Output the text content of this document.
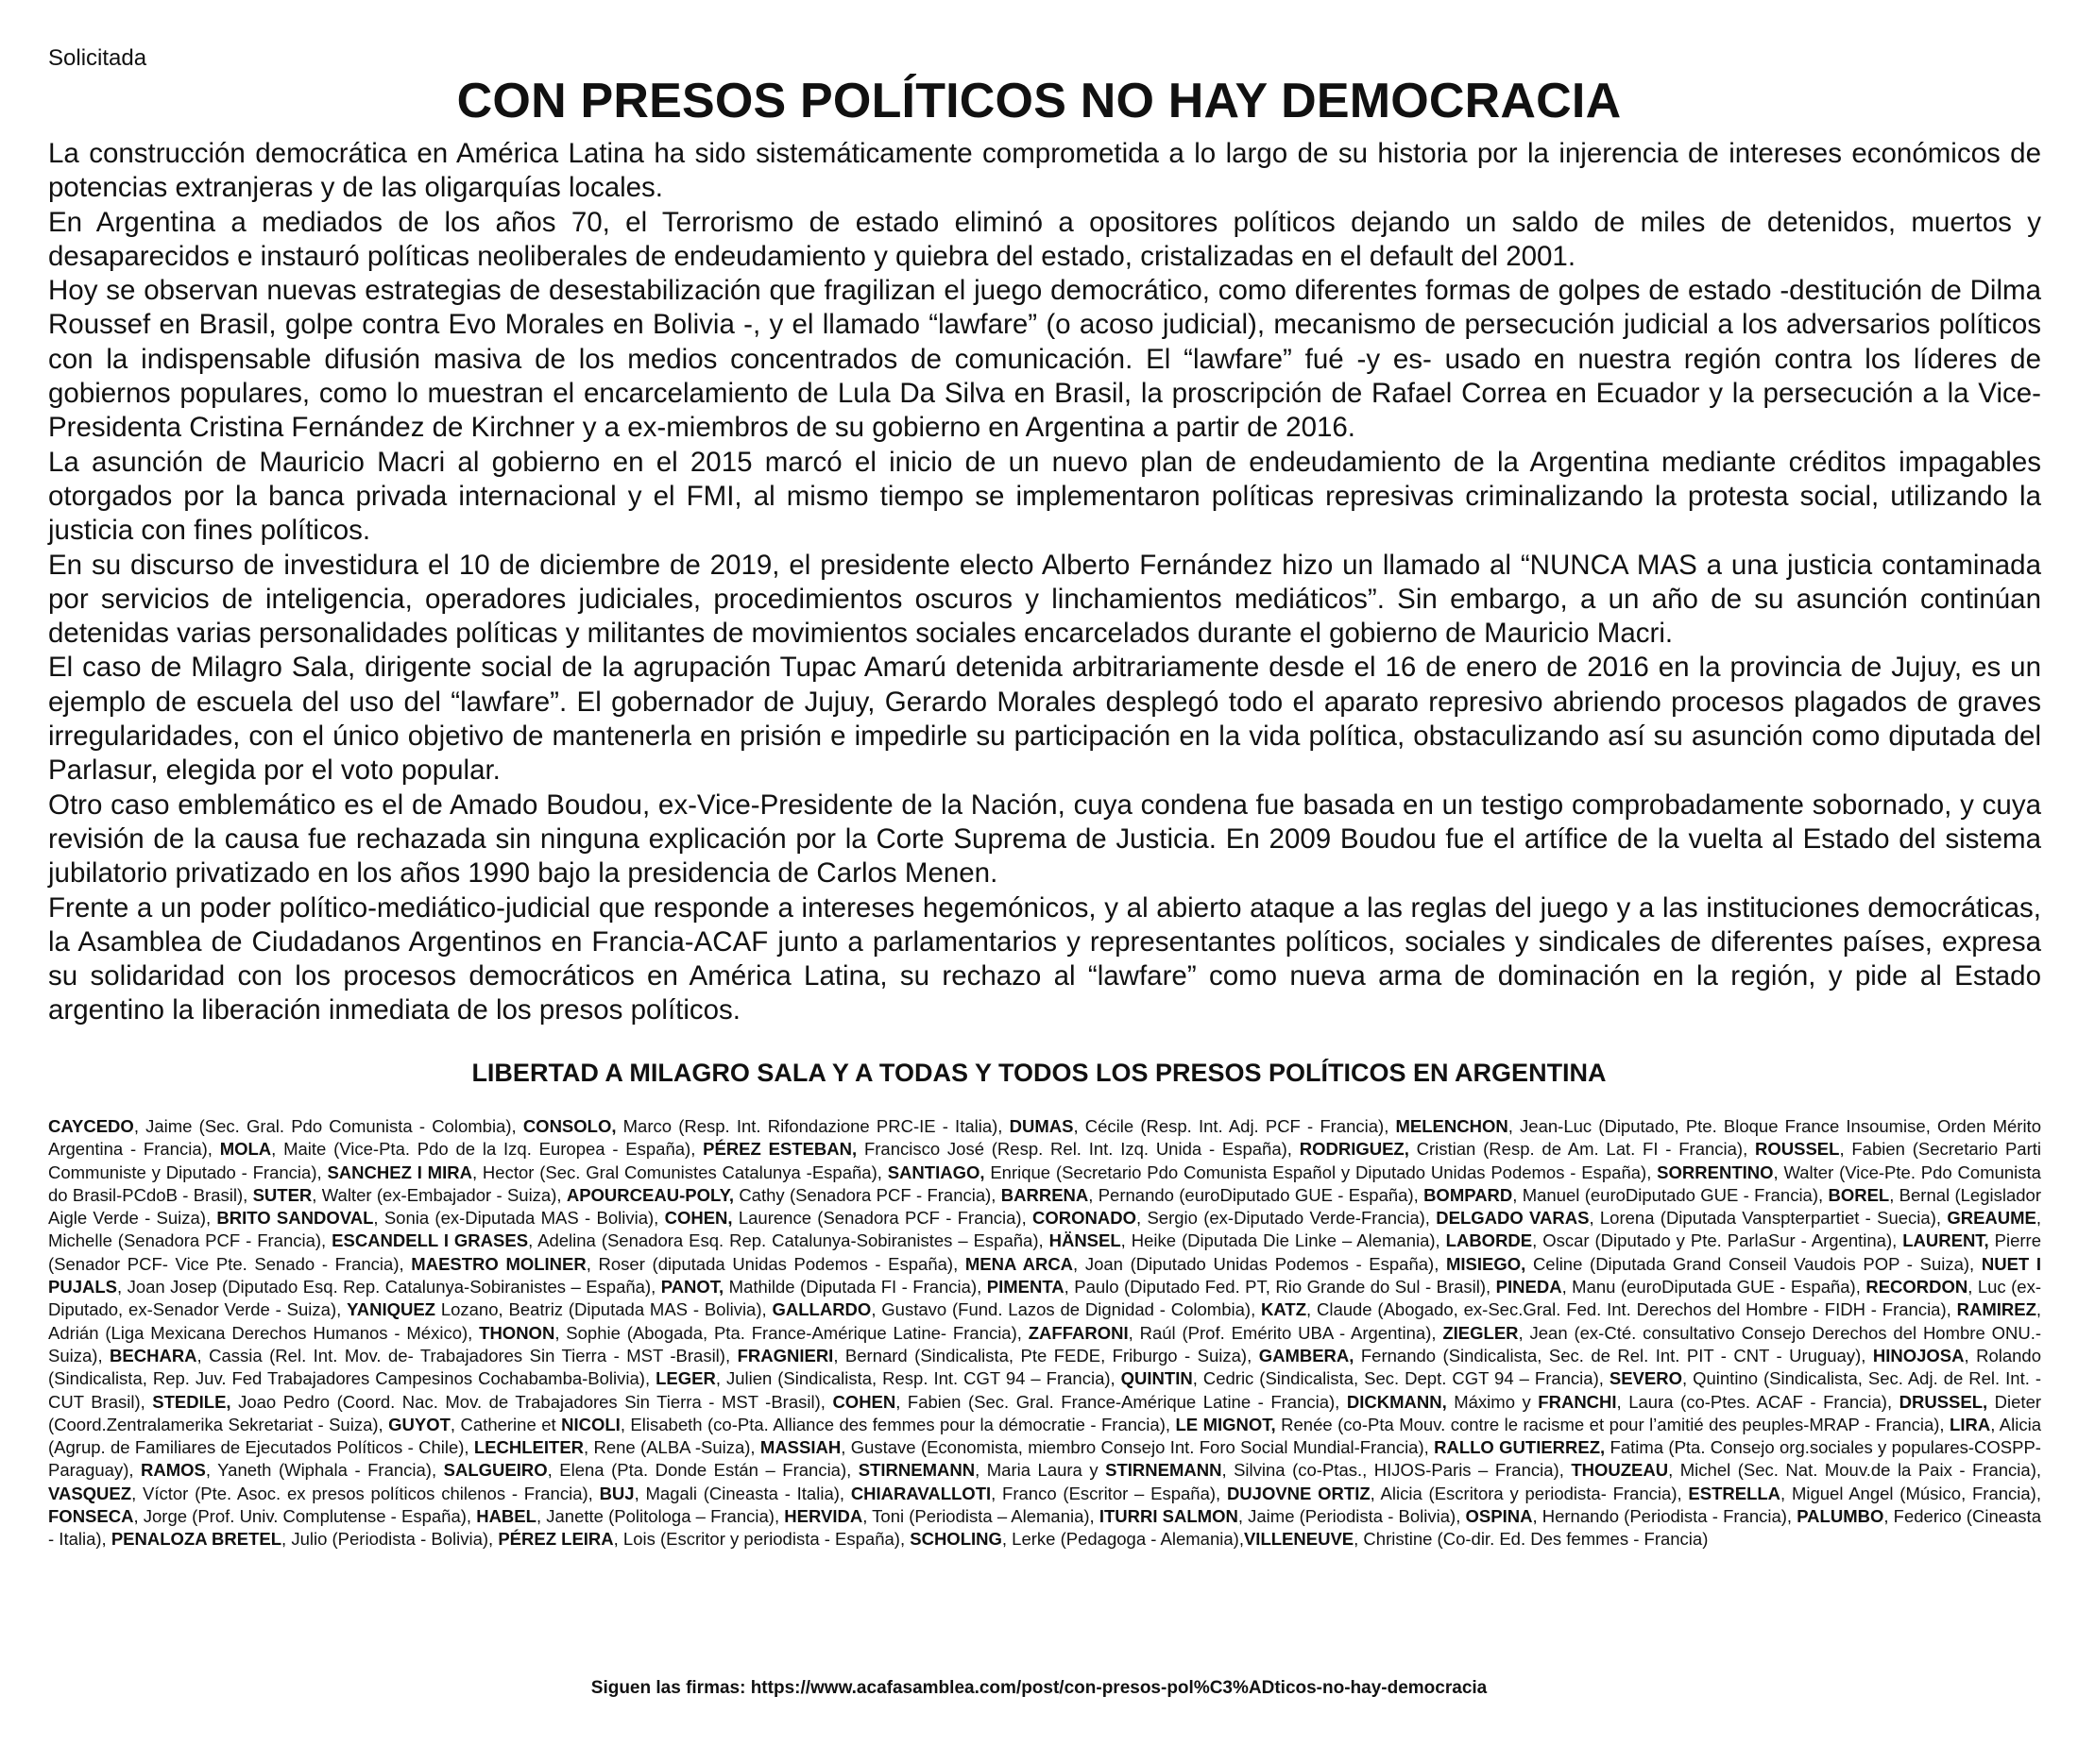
Solicitada
CON PRESOS POLÍTICOS NO HAY DEMOCRACIA

La construcción democrática en América Latina ha sido sistemáticamente comprometida a lo largo de su historia por la injerencia de intereses económicos de potencias extranjeras y de las oligarquías locales.

En Argentina a mediados de los años 70, el Terrorismo de estado eliminó a opositores políticos dejando un saldo de miles de detenidos, muertos y desaparecidos e instauró políticas neoliberales de endeudamiento y quiebra del estado, cristalizadas en el default del 2001.

Hoy se observan nuevas estrategias de desestabilización que fragilizan el juego democrático, como diferentes formas de golpes de estado -destitución de Dilma Roussef en Brasil, golpe contra Evo Morales en Bolivia -, y el llamado “lawfare” (o acoso judicial), mecanismo de persecución judicial a los adversarios políticos con la indispensable difusión masiva de los medios concentrados de comunicación. El “lawfare” fué -y es- usado en nuestra región contra los líderes de gobiernos populares, como lo muestran el encarcelamiento de Lula Da Silva en Brasil, la proscripción de Rafael Correa en Ecuador y la persecución a la Vice-Presidenta Cristina Fernández de Kirchner y a ex-miembros de su gobierno en Argentina a partir de 2016.

La asunción de Mauricio Macri al gobierno en el 2015 marcó el inicio de un nuevo plan de endeudamiento de la Argentina mediante créditos impagables otorgados por la banca privada internacional y el FMI, al mismo tiempo se implementaron políticas represivas criminalizando la protesta social, utilizando la justicia con fines políticos.

En su discurso de investidura el 10 de diciembre de 2019, el presidente electo Alberto Fernández hizo un llamado al “NUNCA MAS a una justicia contaminada por servicios de inteligencia, operadores judiciales, procedimientos oscuros y linchamientos mediáticos”. Sin embargo, a un año de su asunción continúan detenidas varias personalidades políticas y militantes de movimientos sociales encarcelados durante el gobierno de Mauricio Macri.

El caso de Milagro Sala, dirigente social de la agrupación Tupac Amarú detenida arbitrariamente desde el 16 de enero de 2016 en la provincia de Jujuy, es un ejemplo de escuela del uso del “lawfare”. El gobernador de Jujuy, Gerardo Morales desplegó todo el aparato represivo abriendo procesos plagados de graves irregularidades, con el único objetivo de mantenerla en prisión e impedirle su participación en la vida política, obstaculizando así su asunción como diputada del Parlasur, elegida por el voto popular.

Otro caso emblemático es el de Amado Boudou, ex-Vice-Presidente de la Nación, cuya condena fue basada en un testigo comprobadamente sobornado, y cuya revisión de la causa fue rechazada sin ninguna explicación por la Corte Suprema de Justicia. En 2009 Boudou fue el artífice de la vuelta al Estado del sistema jubilatorio privatizado en los años 1990 bajo la presidencia de Carlos Menen.

Frente a un poder político-mediático-judicial que responde a intereses hegemónicos, y al abierto ataque a las reglas del juego y a las instituciones democráticas, la Asamblea de Ciudadanos Argentinos en Francia-ACAF junto a parlamentarios y representantes políticos, sociales y sindicales de diferentes países, expresa su solidaridad con los procesos democráticos en América Latina, su rechazo al “lawfare” como nueva arma de dominación en la región, y pide al Estado argentino la liberación inmediata de los presos políticos.

LIBERTAD A MILAGRO SALA Y A TODAS Y TODOS LOS PRESOS POLÍTICOS EN ARGENTINA
CAYCEDO, Jaime (Sec. Gral. Pdo Comunista - Colombia), CONSOLO, Marco (Resp. Int. Rifondazione PRC-IE - Italia), DUMAS, Cécile (Resp. Int. Adj. PCF - Francia), MELENCHON, Jean-Luc (Diputado, Pte. Bloque France Insoumise, Orden Mérito Argentina - Francia), MOLA, Maite (Vice-Pta. Pdo de la Izq. Europea - España), PÉREZ ESTEBAN, Francisco José (Resp. Rel. Int. Izq. Unida - España), RODRIGUEZ, Cristian (Resp. de Am. Lat. FI - Francia), ROUSSEL, Fabien (Secretario Parti Communiste y Diputado - Francia), SANCHEZ I MIRA, Hector (Sec. Gral Comunistes Catalunya -España), SANTIAGO, Enrique (Secretario Pdo Comunista Español y Diputado Unidas Podemos - España), SORRENTINO, Walter (Vice-Pte. Pdo Comunista do Brasil-PCdoB - Brasil), SUTER, Walter (ex-Embajador - Suiza), APOURCEAU-POLY, Cathy (Senadora PCF - Francia), BARRENA, Pernando (euroDiputado GUE - España), BOMPARD, Manuel (euroDiputado GUE - Francia), BOREL, Bernal (Legislador Aigle Verde - Suiza), BRITO SANDOVAL, Sonia (ex-Diputada MAS - Bolivia), COHEN, Laurence (Senadora PCF - Francia), CORONADO, Sergio (ex-Diputado Verde-Francia), DELGADO VARAS, Lorena (Diputada Vanspterpartiet - Suecia), GREAUME, Michelle (Senadora PCF - Francia), ESCANDELL I GRASES, Adelina (Senadora Esq. Rep. Catalunya-Sobiranistes – España), HÄNSEL, Heike (Diputada Die Linke – Alemania), LABORDE, Oscar (Diputado y Pte. ParlaSur - Argentina), LAURENT, Pierre (Senador PCF- Vice Pte. Senado - Francia), MAESTRO MOLINER, Roser (diputada Unidas Podemos - España), MENA ARCA, Joan (Diputado Unidas Podemos - España), MISIEGO, Celine (Diputada Grand Conseil Vaudois POP - Suiza), NUET I PUJALS, Joan Josep (Diputado Esq. Rep. Catalunya-Sobiranistes – España), PANOT, Mathilde (Diputada FI - Francia), PIMENTA, Paulo (Diputado Fed. PT, Rio Grande do Sul - Brasil), PINEDA, Manu (euroDiputada GUE - España), RECORDON, Luc (ex-Diputado, ex-Senador Verde - Suiza), YANIQUEZ Lozano, Beatriz (Diputada MAS - Bolivia), GALLARDO, Gustavo (Fund. Lazos de Dignidad - Colombia), KATZ, Claude (Abogado, ex-Sec.Gral. Fed. Int. Derechos del Hombre - FIDH - Francia), RAMIREZ, Adrián (Liga Mexicana Derechos Humanos - México), THONON, Sophie (Abogada, Pta. France-Amérique Latine- Francia), ZAFFARONI, Raúl (Prof. Emérito UBA - Argentina), ZIEGLER, Jean (ex-Cté. consultativo Consejo Derechos del Hombre ONU.- Suiza), BECHARA, Cassia (Rel. Int. Mov. de- Trabajadores Sin Tierra - MST -Brasil), FRAGNIERI, Bernard (Sindicalista, Pte FEDE, Friburgo - Suiza), GAMBERA, Fernando (Sindicalista, Sec. de Rel. Int. PIT - CNT - Uruguay), HINOJOSA, Rolando (Sindicalista, Rep. Juv. Fed Trabajadores Campesinos Cochabamba-Bolivia), LEGER, Julien (Sindicalista, Resp. Int. CGT 94 – Francia), QUINTIN, Cedric (Sindicalista, Sec. Dept. CGT 94 – Francia), SEVERO, Quintino (Sindicalista, Sec. Adj. de Rel. Int. - CUT Brasil), STEDILE, Joao Pedro (Coord. Nac. Mov. de Trabajadores Sin Tierra - MST -Brasil), COHEN, Fabien (Sec. Gral. France-Amérique Latine - Francia), DICKMANN, Máximo y FRANCHI, Laura (co-Ptes. ACAF - Francia), DRUSSEL, Dieter (Coord.Zentralamerika Sekretariat - Suiza), GUYOT, Catherine et NICOLI, Elisabeth (co-Pta. Alliance des femmes pour la démocratie - Francia), LE MIGNOT, Renée (co-Pta Mouv. contre le racisme et pour l’amitié des peuples-MRAP - Francia), LIRA, Alicia (Agrup. de Familiares de Ejecutados Políticos - Chile), LECHLEITER, Rene (ALBA -Suiza), MASSIAH, Gustave (Economista, miembro Consejo Int. Foro Social Mundial-Francia), RALLO GUTIERREZ, Fatima (Pta. Consejo org.sociales y populares-COSPP- Paraguay), RAMOS, Yaneth (Wiphala - Francia), SALGUEIRO, Elena (Pta. Donde Están – Francia), STIRNEMANN, Maria Laura y STIRNEMANN, Silvina (co-Ptas., HIJOS-Paris – Francia), THOUZEAU, Michel (Sec. Nat. Mouv.de la Paix - Francia), VASQUEZ, Víctor (Pte. Asoc. ex presos políticos chilenos - Francia), BUJ, Magali (Cineasta - Italia), CHIARAVALLOTI, Franco (Escritor – España), DUJOVNE ORTIZ, Alicia (Escritora y periodista- Francia), ESTRELLA, Miguel Angel (Músico, Francia), FONSECA, Jorge (Prof. Univ. Complutense - España), HABEL, Janette (Politologa – Francia), HERVIDA, Toni (Periodista – Alemania), ITURRI SALMON, Jaime (Periodista - Bolivia), OSPINA, Hernando (Periodista - Francia), PALUMBO, Federico (Cineasta - Italia), PENALOZA BRETEL, Julio (Periodista - Bolivia), PÉREZ LEIRA, Lois (Escritor y periodista - España), SCHOLING, Lerke (Pedagoga - Alemania),VILLENEUVE, Christine (Co-dir. Ed. Des femmes - Francia)
Siguen las firmas: https://www.acafasamblea.com/post/con-presos-pol%C3%ADticos-no-hay-democracia
